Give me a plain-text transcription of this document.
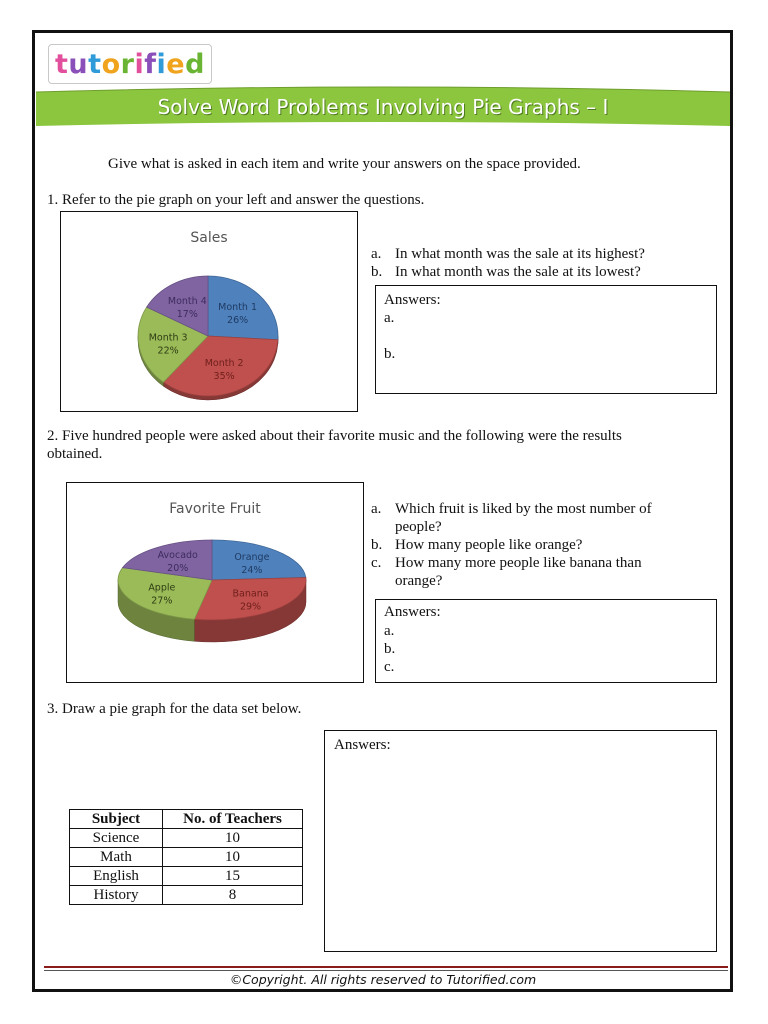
t u t o r i f i e d
Solve Word Problems Involving Pie Graphs – I
Give what is asked in each item and write your answers on the space provided.
1. Refer to the pie graph on your left and answer the questions.
Sales
Month 1
26%
Month 2
35%
Month 3
22%
Month 4
17%
a. In what month was the sale at its highest?
b. In what month was the sale at its lowest?
Answers:
a.
b.
2. Five hundred people were asked about their favorite music and the following were the results
obtained.
Favorite Fruit
Orange
24%
Banana
29%
Apple
27%
Avocado
20%
a. Which fruit is liked by the most number of
people?
b. How many people like orange?
c. How many more people like banana than
orange?
Answers:
a.
b.
c.
3. Draw a pie graph for the data set below.
Answers:
Subject	No. of Teachers
Science	10
Math	10
English	15
History	8
©Copyright. All rights reserved to Tutorified.com
